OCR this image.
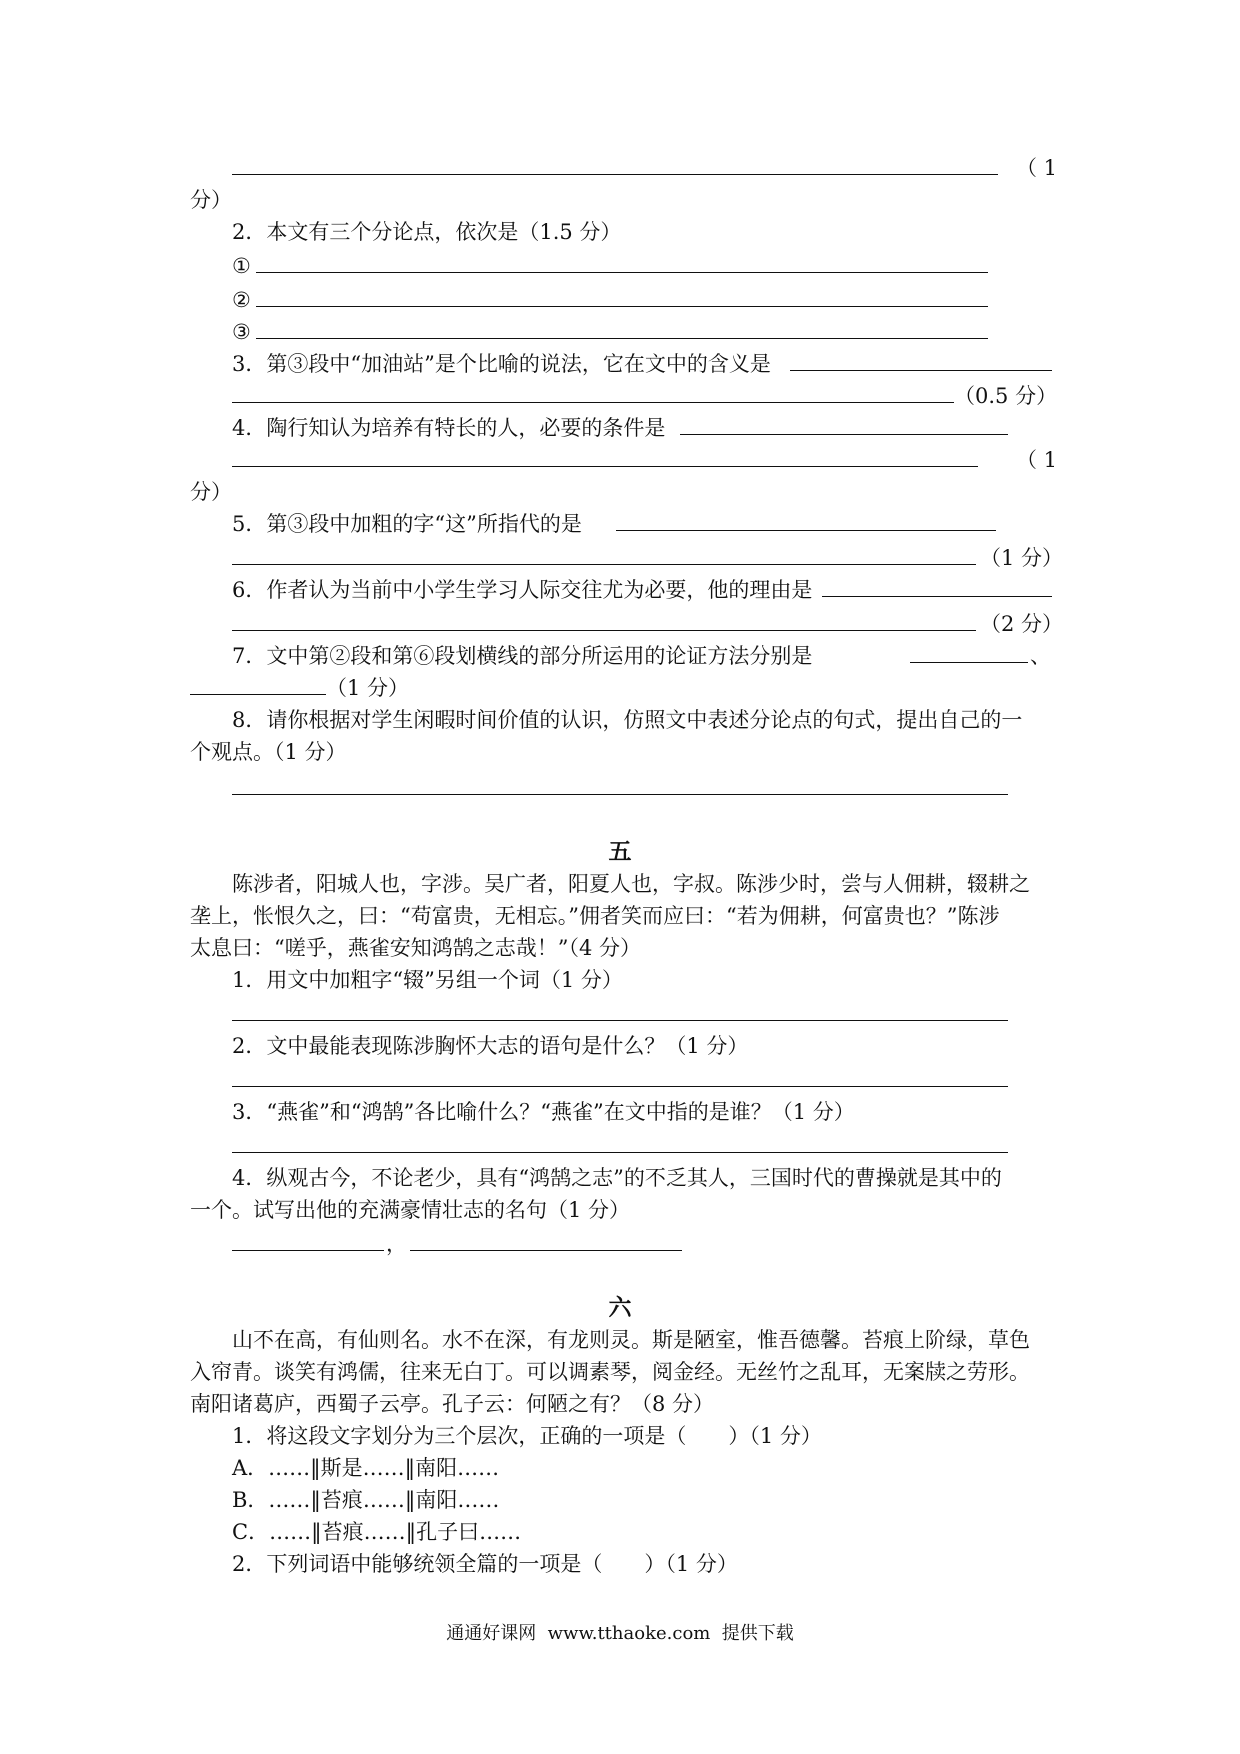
（ 1
分）
2．本文有三个分论点，依次是（1.5 分）
①
②
③
3．第③段中“加油站”是个比喻的说法，它在文中的含义是
（0.5 分）
4．陶行知认为培养有特长的人，必要的条件是
（ 1
分）
5．第③段中加粗的字“这”所指代的是
（1 分）
6．作者认为当前中小学生学习人际交往尤为必要，他的理由是
（2 分）
7．文中第②段和第⑥段划横线的部分所运用的论证方法分别是	、
（1 分）
8．请你根据对学生闲暇时间价值的认识，仿照文中表述分论点的句式，提出自己的一
个观点。（1 分）
五
陈涉者，阳城人也，字涉。吴广者，阳夏人也，字叔。陈涉少时，尝与人佣耕，辍耕之
垄上，怅恨久之，曰：“苟富贵，无相忘。”佣者笑而应曰：“若为佣耕，何富贵也？”陈涉
太息曰：“嗟乎，燕雀安知鸿鹄之志哉！”（4 分）
1．用文中加粗字“辍”另组一个词（1 分）
2．文中最能表现陈涉胸怀大志的语句是什么？（1 分）
3．“燕雀”和“鸿鹄”各比喻什么？“燕雀”在文中指的是谁？（1 分）
4．纵观古今，不论老少，具有“鸿鹄之志”的不乏其人，三国时代的曹操就是其中的
一个。试写出他的充满豪情壮志的名句（1 分）
，
六
山不在高，有仙则名。水不在深，有龙则灵。斯是陋室，惟吾德馨。苔痕上阶绿，草色
入帘青。谈笑有鸿儒，往来无白丁。可以调素琴，阅金经。无丝竹之乱耳，无案牍之劳形。
南阳诸葛庐，西蜀子云亭。孔子云：何陋之有？（8 分）
1．将这段文字划分为三个层次，正确的一项是（　　）（1 分）
A．……‖斯是……‖南阳……
B．……‖苔痕……‖南阳……
C．……‖苔痕……‖孔子曰……
2．下列词语中能够统领全篇的一项是（　　）（1 分）
通通好课网  www.tthaoke.com  提供下载
